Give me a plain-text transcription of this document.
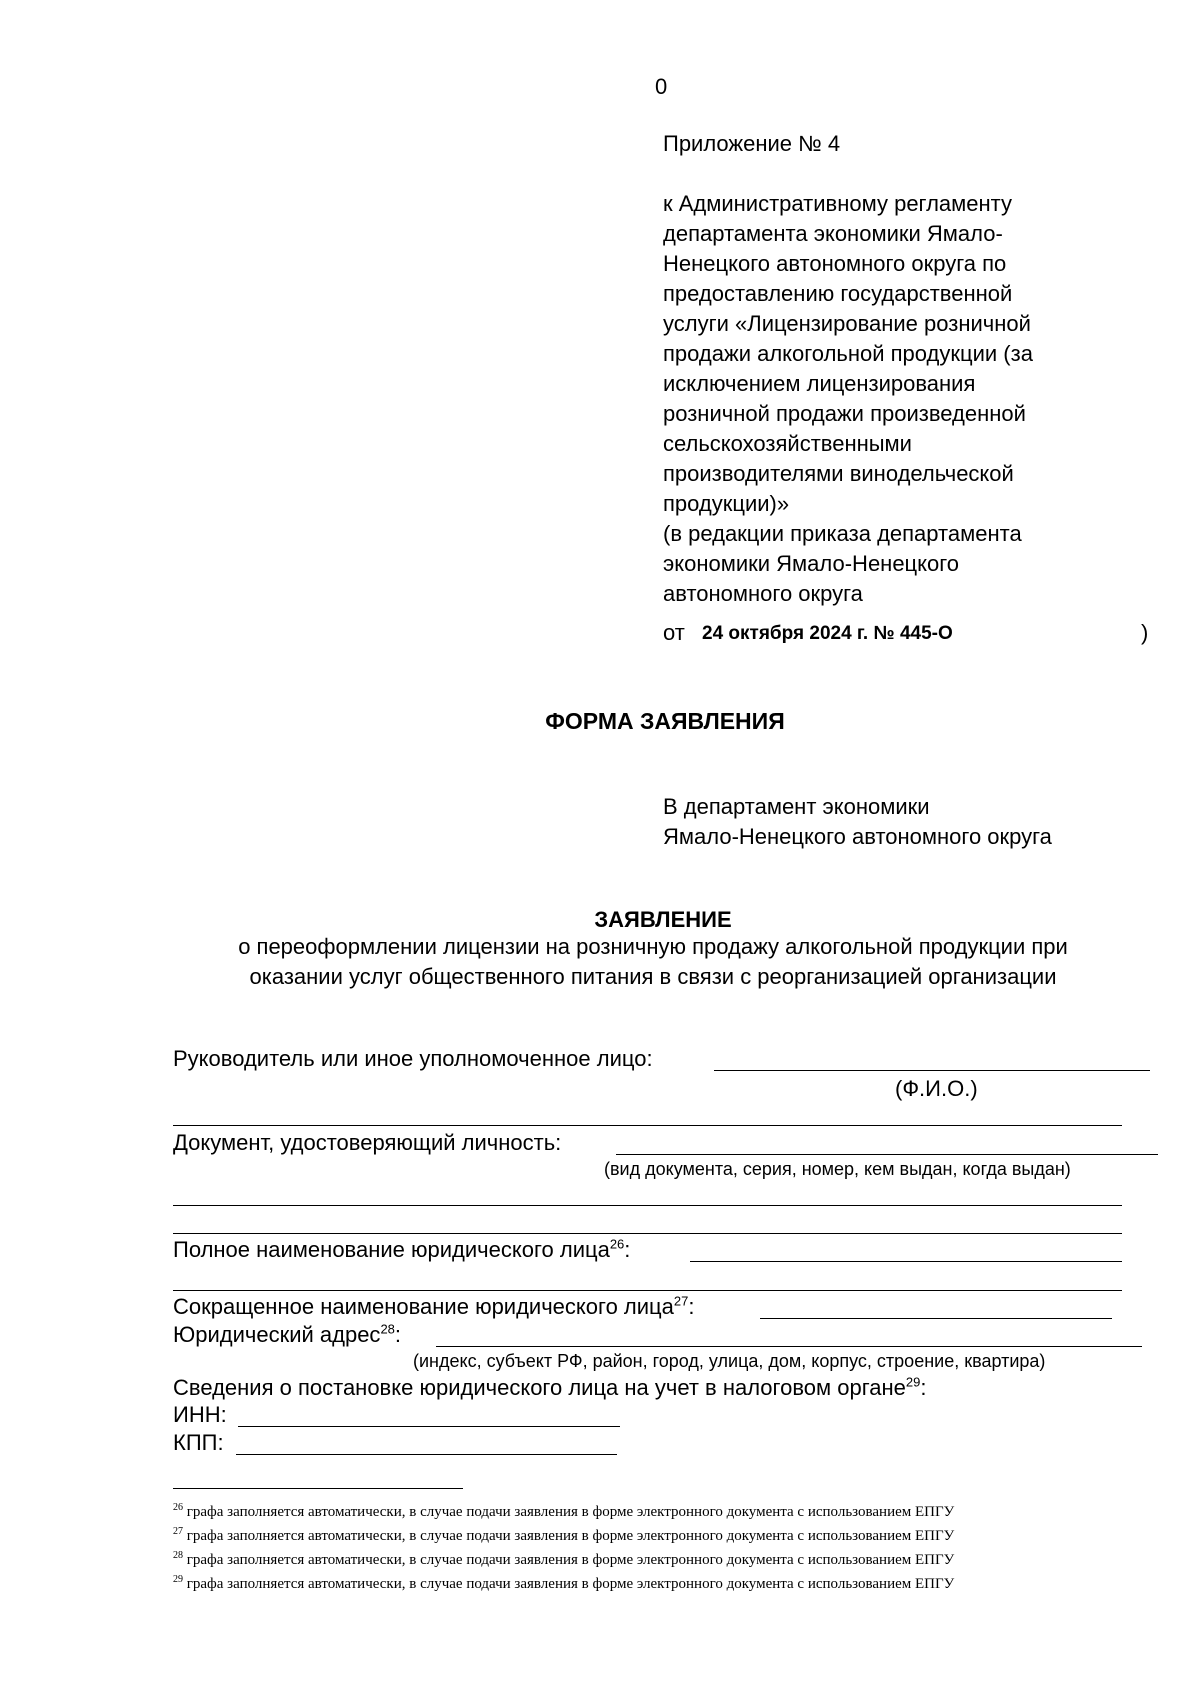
0
Приложение № 4
к Административному регламенту
департамента экономики Ямало-
Ненецкого автономного округа по
предоставлению государственной
услуги «Лицензирование розничной
продажи алкогольной продукции (за
исключением лицензирования
розничной продажи произведенной
сельскохозяйственными
производителями винодельческой
продукции)»
(в редакции приказа департамента
экономики Ямало-Ненецкого
автономного округа
от 24 октября 2024 г. № 445-О	)
ФОРМА ЗАЯВЛЕНИЯ
В департамент экономики
Ямало-Ненецкого автономного округа
ЗАЯВЛЕНИЕ
о переоформлении лицензии на розничную продажу алкогольной продукции при
оказании услуг общественного питания в связи с реорганизацией организации
Руководитель или иное уполномоченное лицо:
(Ф.И.О.)
Документ, удостоверяющий личность:
(вид документа, серия, номер, кем выдан, когда выдан)
Полное наименование юридического лица$^{26}$:
Сокращенное наименование юридического лица$^{27}$:
Юридический адрес$^{28}$:
(индекс, субъект РФ, район, город, улица, дом, корпус, строение, квартира)
Сведения о постановке юридического лица на учет в налоговом органе$^{29}$:
ИНН:
КПП:
$^{26}$ графа заполняется автоматически, в случае подачи заявления в форме электронного документа с использованием ЕПГУ
$^{27}$ графа заполняется автоматически, в случае подачи заявления в форме электронного документа с использованием ЕПГУ
$^{28}$ графа заполняется автоматически, в случае подачи заявления в форме электронного документа с использованием ЕПГУ
$^{29}$ графа заполняется автоматически, в случае подачи заявления в форме электронного документа с использованием ЕПГУ
